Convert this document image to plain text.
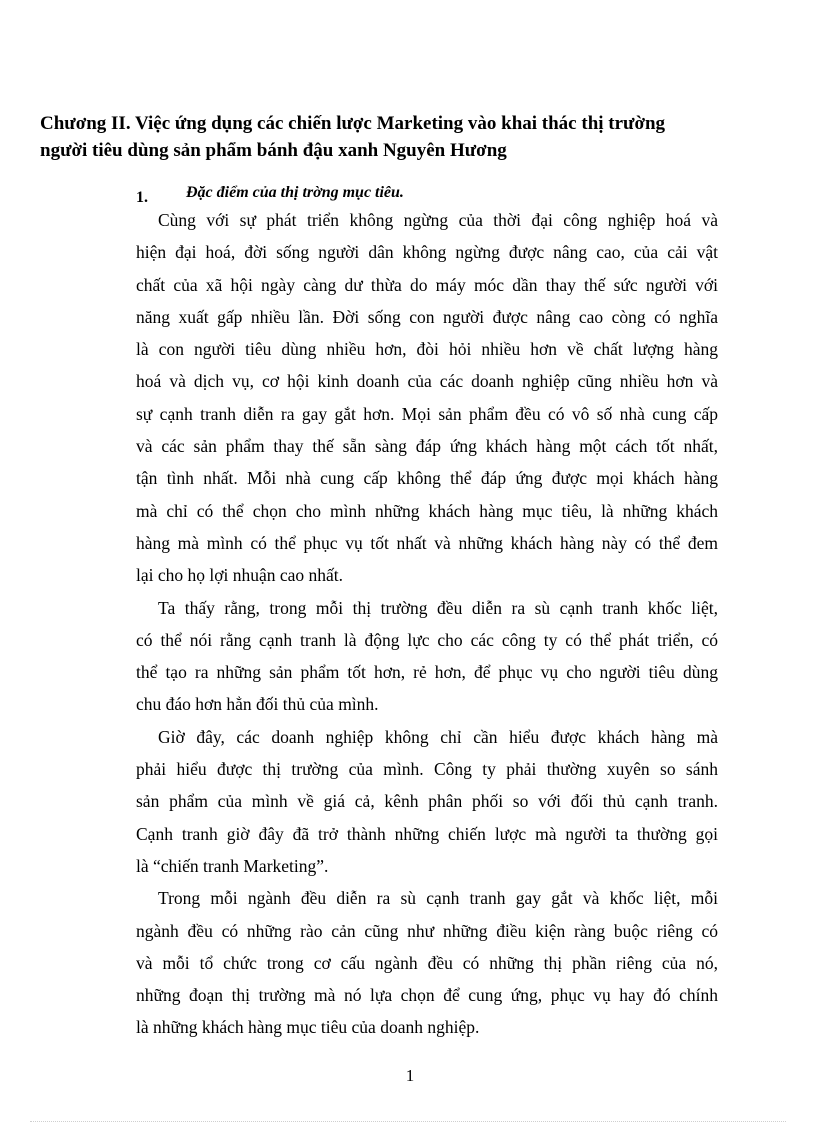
Chương II. Việc ứng dụng các chiến lược Marketing vào khai thác thị trường
người tiêu dùng sản phẩm bánh đậu xanh Nguyên Hương
1. Đặc điểm của thị trờng mục tiêu.
Cùng với sự phát triển không ngừng của thời đại công nghiệp hoá và
hiện đại hoá, đời sống người dân không ngừng được nâng cao, của cải vật
chất của xã hội ngày càng dư thừa do máy móc dần thay thế sức người với
năng xuất gấp nhiều lần. Đời sống con người được nâng cao còng có nghĩa
là con người tiêu dùng nhiều hơn, đòi hỏi nhiều hơn về chất lượng hàng
hoá và dịch vụ, cơ hội kinh doanh của các doanh nghiệp cũng nhiều hơn và
sự cạnh tranh diễn ra gay gắt hơn. Mọi sản phẩm đều có vô số nhà cung cấp
và các sản phẩm thay thế sẵn sàng đáp ứng khách hàng một cách tốt nhất,
tận tình nhất. Mỗi nhà cung cấp không thể đáp ứng được mọi khách hàng
mà chỉ có thể chọn cho mình những khách hàng mục tiêu, là những khách
hàng mà mình có thể phục vụ tốt nhất và những khách hàng này có thể đem
lại cho họ lợi nhuận cao nhất.
Ta thấy rằng, trong mỗi thị trường đều diễn ra sù cạnh tranh khốc liệt,
có thể nói rằng cạnh tranh là động lực cho các công ty có thể phát triển, có
thể tạo ra những sản phẩm tốt hơn, rẻ hơn, để phục vụ cho người tiêu dùng
chu đáo hơn hẳn đối thủ của mình.
Giờ đây, các doanh nghiệp không chỉ cần hiểu được khách hàng mà
phải hiểu được thị trường của mình. Công ty phải thường xuyên so sánh
sản phẩm của mình về giá cả, kênh phân phối so với đối thủ cạnh tranh.
Cạnh tranh giờ đây đã trở thành những chiến lược mà người ta thường gọi
là “chiến tranh Marketing”.
Trong mỗi ngành đều diễn ra sù cạnh tranh gay gắt và khốc liệt, mỗi
ngành đều có những rào cản cũng như những điều kiện ràng buộc riêng có
và mỗi tổ chức trong cơ cấu ngành đều có những thị phần riêng của nó,
những đoạn thị trường mà nó lựa chọn để cung ứng, phục vụ hay đó chính
là những khách hàng mục tiêu của doanh nghiệp.
1
